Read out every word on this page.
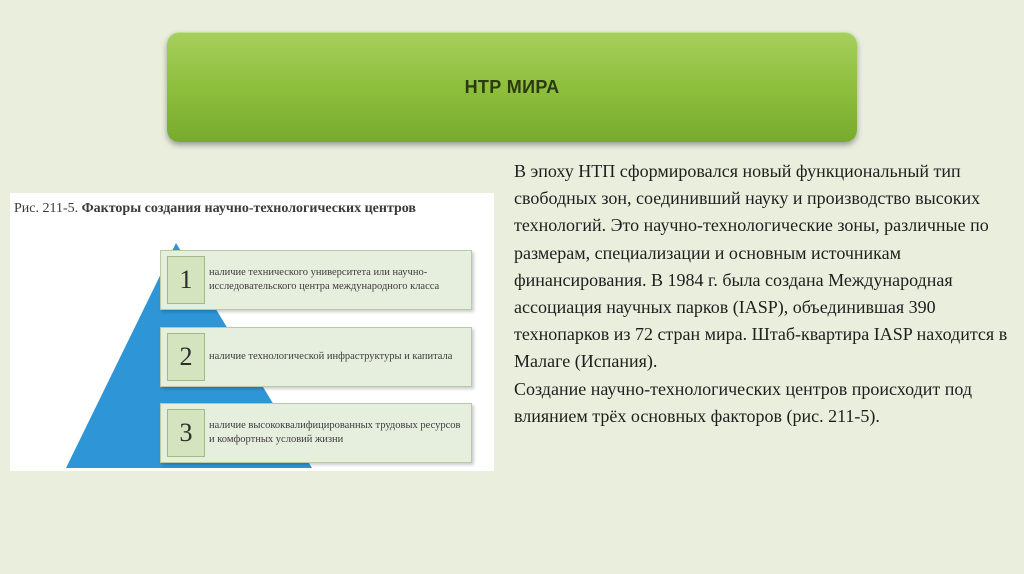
НТР МИРА
Рис. 211-5. Факторы создания научно-технологических центров
1	наличие технического университета или научно-исследовательского центра международного класса
2	наличие технологической инфраструктуры и капитала
3	наличие высококвалифицированных трудовых ресурсов и комфортных условий жизни

В эпоху НТП сформировался новый функциональный тип свободных зон, соединивший науку и производство высоких технологий. Это научно-технологические зоны, различные по размерам, специализации и основным источникам финансирования. В 1984 г. была создана Международная ассоциация научных парков (IASP), объединившая 390 технопарков из 72 стран мира. Штаб-квартира IASP находится в Малаге (Испания).

Создание научно-технологических центров происходит под влиянием трёх основных факторов (рис. 211-5).
